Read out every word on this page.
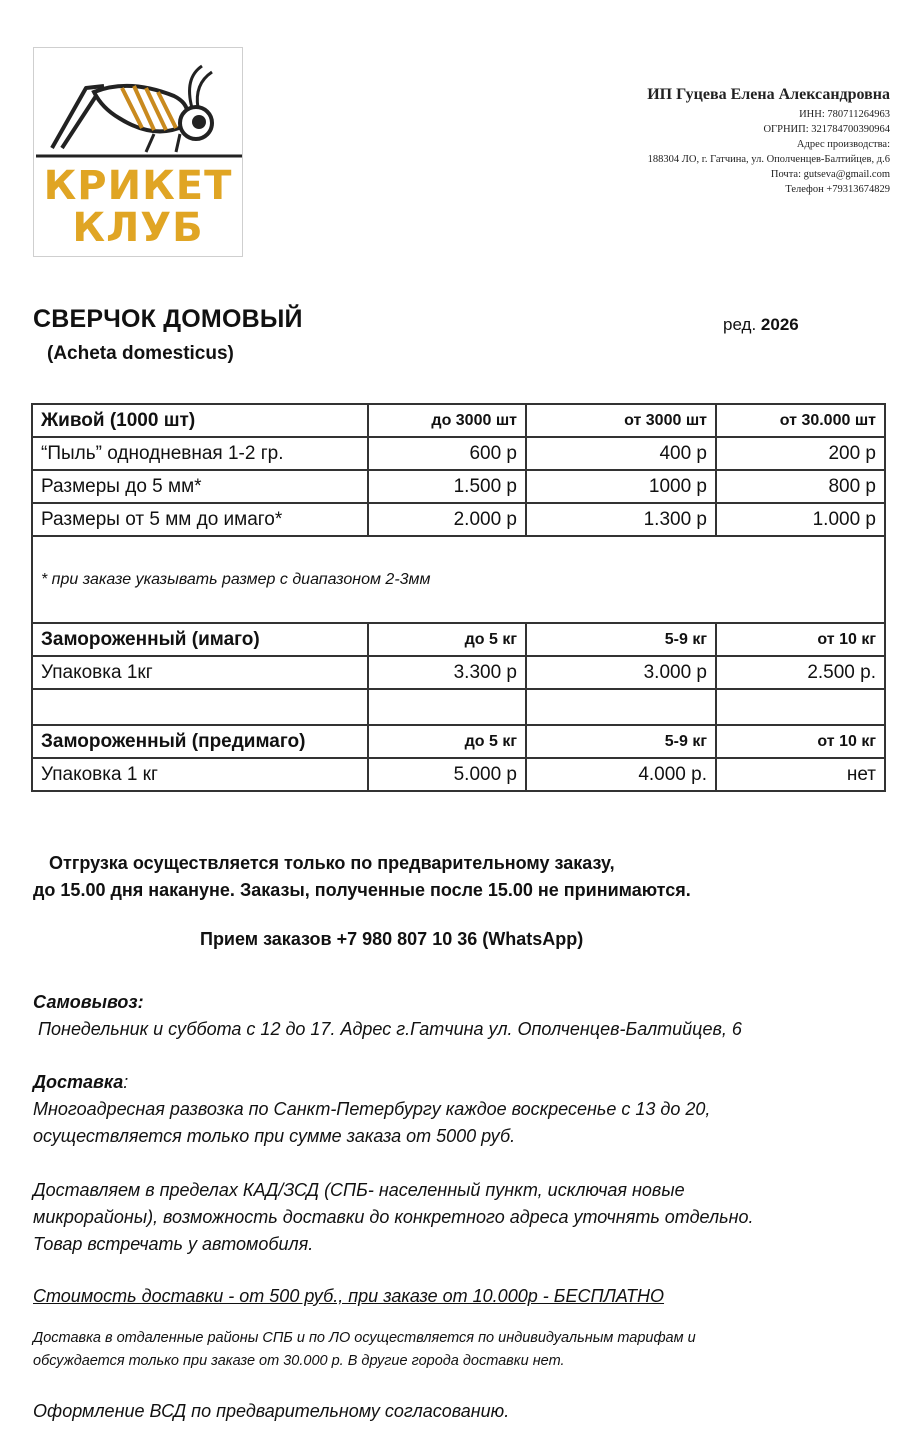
КРИКЕТ
КЛУБ
ИП Гуцева Елена Александровна
ИНН: 780711264963
ОГРНИП: 321784700390964
Адрес производства:
188304 ЛО, г. Гатчина, ул. Ополченцев-Балтийцев, д.6
Почта: gutseva@gmail.com
Телефон +79313674829
СВЕРЧОК ДОМОВЫЙ
(Acheta domesticus)
ред. 2026
Живой (1000 шт)	до 3000 шт	от 3000 шт	от 30.000 шт
“Пыль” однодневная 1-2 гр.	600 р	400 р	200 р
Размеры до 5 мм*	1.500 р	1000 р	800 р
Размеры от 5 мм до имаго*	2.000 р	1.300 р	1.000 р
* при заказе указывать размер с диапазоном 2-3мм			
Замороженный (имаго)	до 5 кг	5-9 кг	от 10 кг
Упаковка 1кг	3.300 р	3.000 р	2.500 р.

Замороженный (предимаго)	до 5 кг	5-9 кг	от 10 кг
Упаковка 1 кг	5.000 р	4.000 р.	нет
Отгрузка осуществляется только по предварительному заказу,
до 15.00 дня накануне. Заказы, полученные после 15.00 не принимаются.
Прием заказов +7 980 807 10 36 (WhatsApp)
Самовывоз:
Понедельник и суббота с 12 до 17. Адрес г.Гатчина ул. Ополченцев-Балтийцев, 6
Доставка:
Многоадресная развозка по Санкт-Петербургу каждое воскресенье с 13 до 20,
осуществляется только при сумме заказа от 5000 руб.
Доставляем в пределах КАД/ЗСД (СПБ- населенный пункт, исключая новые
микрорайоны), возможность доставки до конкретного адреса уточнять отдельно.
Товар встречать у автомобиля.
Стоимость доставки - от 500 руб., при заказе от 10.000р - БЕСПЛАТНО
Доставка в отдаленные районы СПБ и по ЛО осуществляется по индивидуальным тарифам и
обсуждается только при заказе от 30.000 р. В другие города доставки нет.
Оформление ВСД по предварительному согласованию.
